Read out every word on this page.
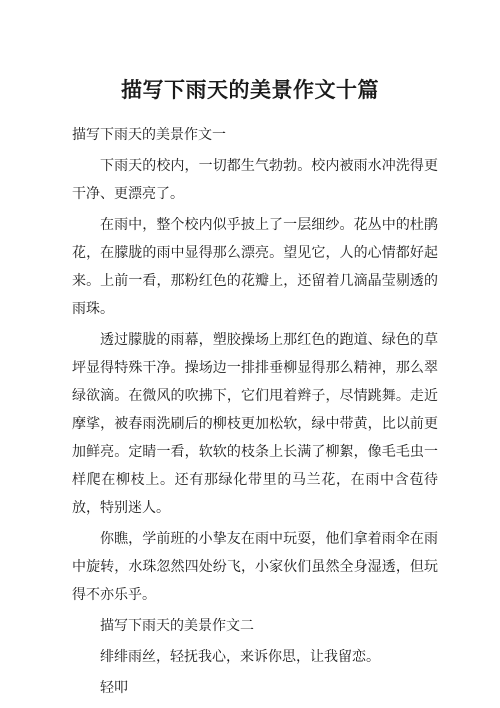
描写下雨天的美景作文十篇

描写下雨天的美景作文一

下雨天的校内，一切都生气勃勃。校内被雨水冲洗得更干净、更漂亮了。

在雨中，整个校内似乎披上了一层细纱。花丛中的杜鹃花，在朦胧的雨中显得那么漂亮。望见它，人的心情都好起来。上前一看，那粉红色的花瓣上，还留着几滴晶莹剔透的雨珠。

透过朦胧的雨幕，塑胶操场上那红色的跑道、绿色的草坪显得特殊干净。操场边一排排垂柳显得那么精神，那么翠绿欲滴。在微风的吹拂下，它们甩着辫子，尽情跳舞。走近摩挲，被春雨洗刷后的柳枝更加松软，绿中带黄，比以前更加鲜亮。定睛一看，软软的枝条上长满了柳絮，像毛毛虫一样爬在柳枝上。还有那绿化带里的马兰花，在雨中含苞待放，特别迷人。

你瞧，学前班的小挚友在雨中玩耍，他们拿着雨伞在雨中旋转，水珠忽然四处纷飞，小家伙们虽然全身湿透，但玩得不亦乐乎。

描写下雨天的美景作文二

绯绯雨丝，轻抚我心，来诉你思，让我留恋。

轻叩
